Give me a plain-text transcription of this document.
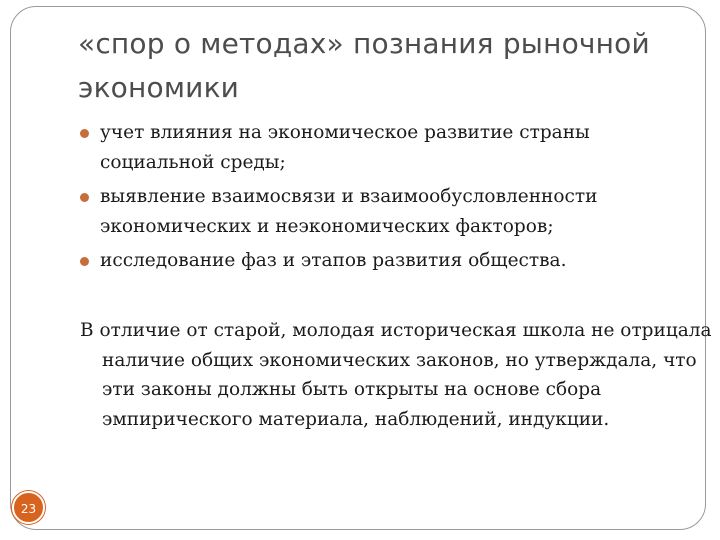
«спор о методах» познания рыночной экономики
учет влияния на экономическое развитие страны социальной среды;
выявление взаимосвязи и взаимообусловленности экономических и неэкономических факторов;
исследование фаз и этапов развития общества.

В отличие от старой, молодая историческая школа не отрицала наличие общих экономических законов, но утверждала, что эти законы должны быть открыты на основе сбора эмпирического материала, наблюдений, индукции.

23
